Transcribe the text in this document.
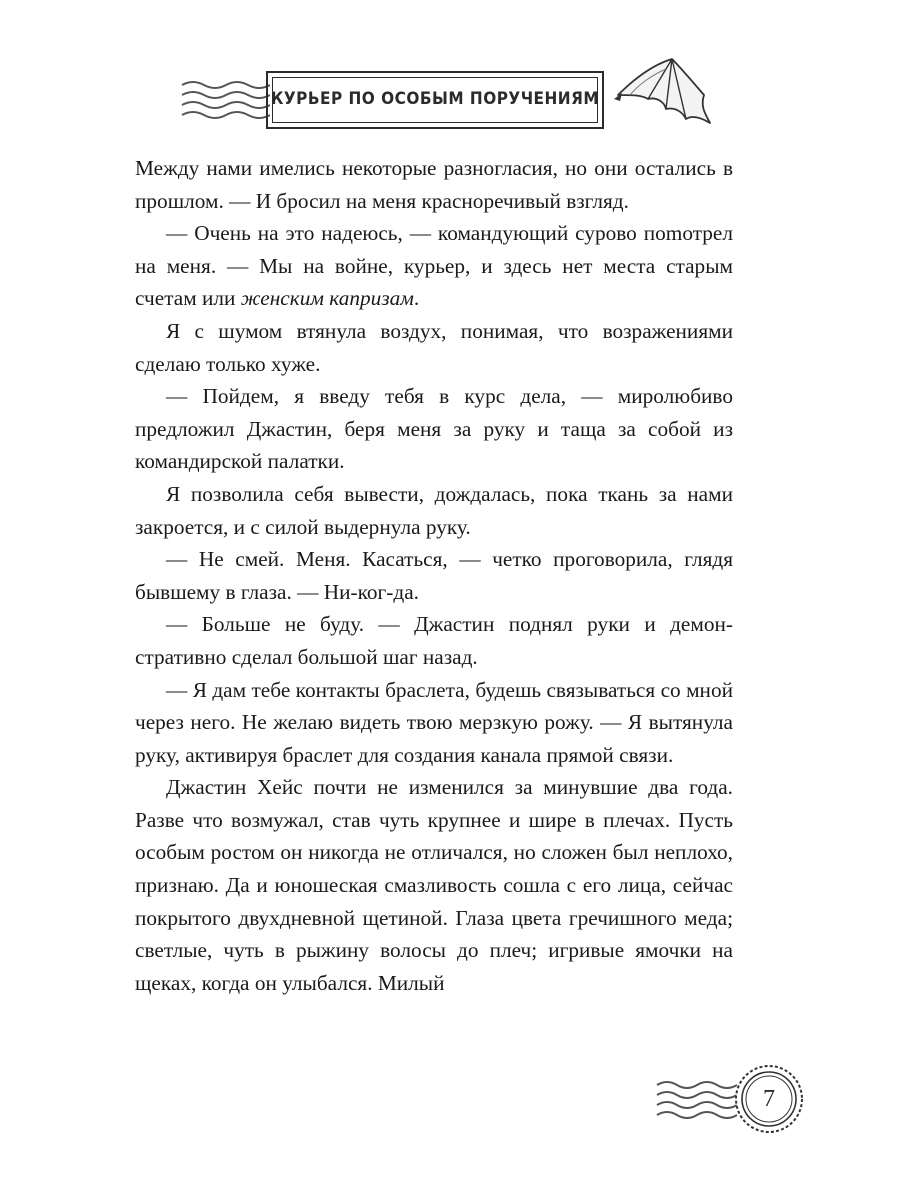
КУРЬЕР ПО ОСОБЫМ ПОРУЧЕНИЯМ

Между нами имелись некоторые разногласия, но они остались в прошлом. — И бросил на меня красноречивый взгляд.

— Очень на это надеюсь, — командующий сурово поmотрел на меня. — Мы на войне, курьер, и здесь нет места старым счетам или женским капризам.

Я с шумом втянула воздух, понимая, что возражениями сделаю только хуже.

— Пойдем, я введу тебя в курс дела, — миролюбиво предложил Джастин, беря меня за руку и таща за собой из командирской палатки.

Я позволила себя вывести, дождалась, пока ткань за нами закроется, и с силой выдернула руку.

— Не смей. Меня. Касаться, — четко проговорила, глядя бывшему в глаза. — Ни-ког-да.

— Больше не буду. — Джастин поднял руки и демонстративно сделал большой шаг назад.

— Я дам тебе контакты браслета, будешь связываться со мной через него. Не желаю видеть твою мерзкую рожу. — Я вытянула руку, активируя браслет для создания канала прямой связи.

Джастин Хейс почти не изменился за минувшие два года. Разве что возмужал, став чуть крупнее и шире в плечах. Пусть особым ростом он никогда не отличался, но сложен был неплохо, признаю. Да и юношеская смазливость сошла с его лица, сейчас покрытого двухдневной щетиной. Глаза цвета гречишного меда; светлые, чуть в рыжину волосы до плеч; игривые ямочки на щеках, когда он улыбался. Милый

7
